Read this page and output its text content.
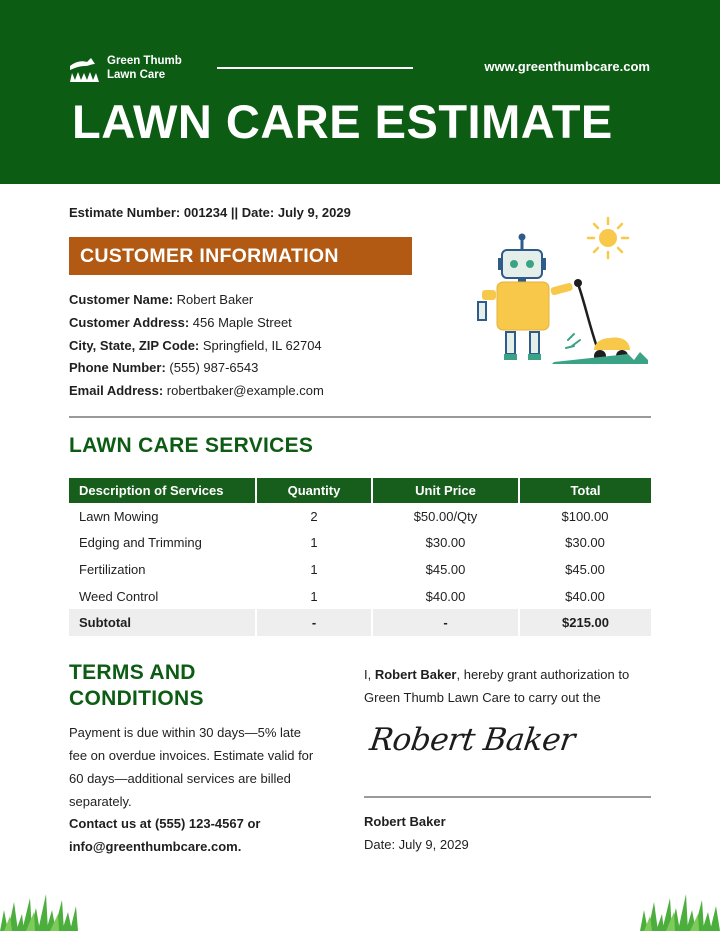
Green Thumb
Lawn Care
www.greenthumbcare.com
LAWN CARE ESTIMATE
Estimate Number: 001234 || Date: July 9, 2029
CUSTOMER INFORMATION
Customer Name: Robert Baker
Customer Address: 456 Maple Street
City, State, ZIP Code: Springfield, IL 62704
Phone Number: (555) 987-6543
Email Address: robertbaker@example.com
LAWN CARE SERVICES
Description of Services	Quantity	Unit Price	Total
Lawn Mowing	2	$50.00/Qty	$100.00
Edging and Trimming	1	$30.00	$30.00
Fertilization	1	$45.00	$45.00
Weed Control	1	$40.00	$40.00
Subtotal	-	-	$215.00
TERMS AND CONDITIONS
Payment is due within 30 days—5% late fee on overdue invoices. Estimate valid for 60 days—additional services are billed separately.
Contact us at (555) 123-4567 or info@greenthumbcare.com.
I, Robert Baker, hereby grant authorization to Green Thumb Lawn Care to carry out the
Robert Baker
Robert Baker
Date: July 9, 2029
